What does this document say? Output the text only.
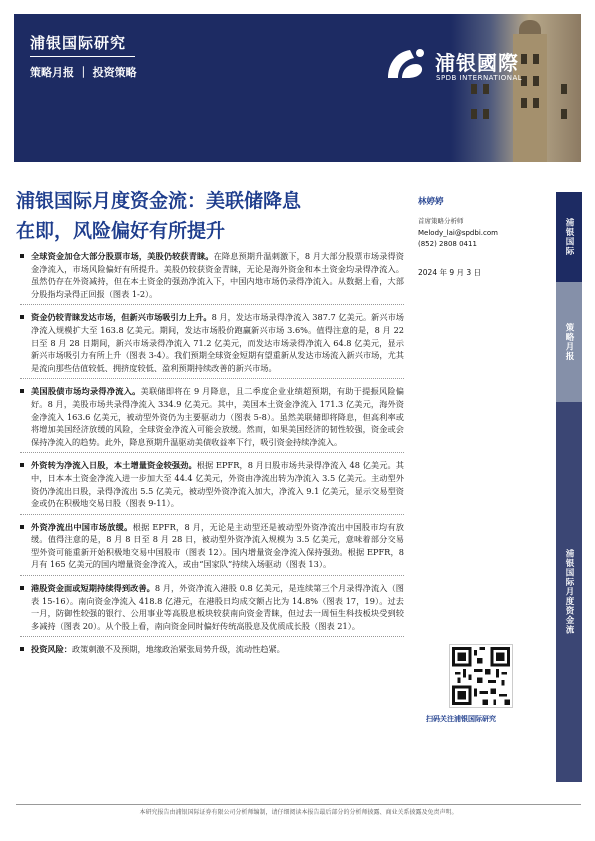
浦银国际研究
策略月报 ｜ 投资策略	浦银國際
SPDB INTERNATIONAL
浦银国际月度资金流：美联储降息
在即，风险偏好有所提升
林婷婷
首席策略分析师
Melody_lai@spdbi.com
(852) 2808 0411
2024 年 9 月 3 日
浦银国际
策略月报
浦银国际月度资金流
扫码关注浦银国际研究

全球资金加仓大部分股票市场，美股仍较获青睐。在降息预期升温刺激下，8 月大部分股票市场录得资金净流入，市场风险偏好有所提升。美股仍较获资金青睐，无论是海外资金和本土资金均录得净流入。虽然仍存在外资减持，但在本土资金的强劲净流入下，中国内地市场仍录得净流入。从数据上看，大部分股指均录得正回报（图表 1-2）。

资金仍较青睐发达市场，但新兴市场吸引力上升。8 月，发达市场录得净流入 387.7 亿美元。新兴市场净流入规模扩大至 163.8 亿美元。期间，发达市场股价跑赢新兴市场 3.6%。值得注意的是，8 月 22 日至 8 月 28 日期间，新兴市场录得净流入 71.2 亿美元，而发达市场录得净流入 64.8 亿美元，显示新兴市场吸引力有所上升（图表 3-4）。我们预期全球资金短期有望重新从发达市场流入新兴市场，尤其是流向那些估值较低、拥挤度较低、盈利预期持续改善的新兴市场。

美国股债市场均录得净流入。美联储即将在 9 月降息，且二季度企业业绩超预期，有助于提振风险偏好。8 月，美股市场共录得净流入 334.9 亿美元。其中，美国本土资金净流入 171.3 亿美元，海外资金净流入 163.6 亿美元，被动型外资仍为主要驱动力（图表 5-8）。虽然美联储即将降息，但高利率或将增加美国经济放缓的风险，全球资金净流入可能会放缓。然而，如果美国经济的韧性较强，资金或会保持净流入的趋势。此外，降息预期升温驱动美债收益率下行，吸引资金持续净流入。

外资转为净流入日股，本土增量资金较强劲。根据 EPFR，8 月日股市场共录得净流入 48 亿美元。其中，日本本土资金净流入进一步加大至 44.4 亿美元，外资由净流出转为净流入 3.5 亿美元。主动型外资仍净流出日股，录得净流出 5.5 亿美元，被动型外资净流入加大，净流入 9.1 亿美元，显示交易型资金或仍在积极地交易日股（图表 9-11）。

外资净流出中国市场放缓。根据 EPFR，8 月，无论是主动型还是被动型外资净流出中国股市均有放缓。值得注意的是，8 月 8 日至 8 月 28 日，被动型外资净流入规模为 3.5 亿美元，意味着部分交易型外资可能重新开始积极地交易中国股市（图表 12）。国内增量资金净流入保持强劲。根据 EPFR，8 月有 165 亿美元的国内增量资金净流入，或由“国家队”持续入场驱动（图表 13）。

港股资金面或短期持续得到改善。8 月，外资净流入港股 0.8 亿美元，是连续第三个月录得净流入（图表 15-16）。南向资金净流入 418.8 亿港元，在港股日均成交额占比为 14.8%（图表 17，19）。过去一月，防御性较强的银行、公用事业等高股息板块较获南向资金青睐，但过去一周恒生科技板块受到较多减持（图表 20）。从个股上看，南向资金同时偏好传统高股息及优质成长股（图表 21）。

投资风险：政策刺激不及预期，地缘政治紧张局势升级，流动性趋紧。

本研究报告由浦银国际证券有限公司分析师编制，请仔细阅读本报告最后部分的分析师披露、商业关系披露及免责声明。
